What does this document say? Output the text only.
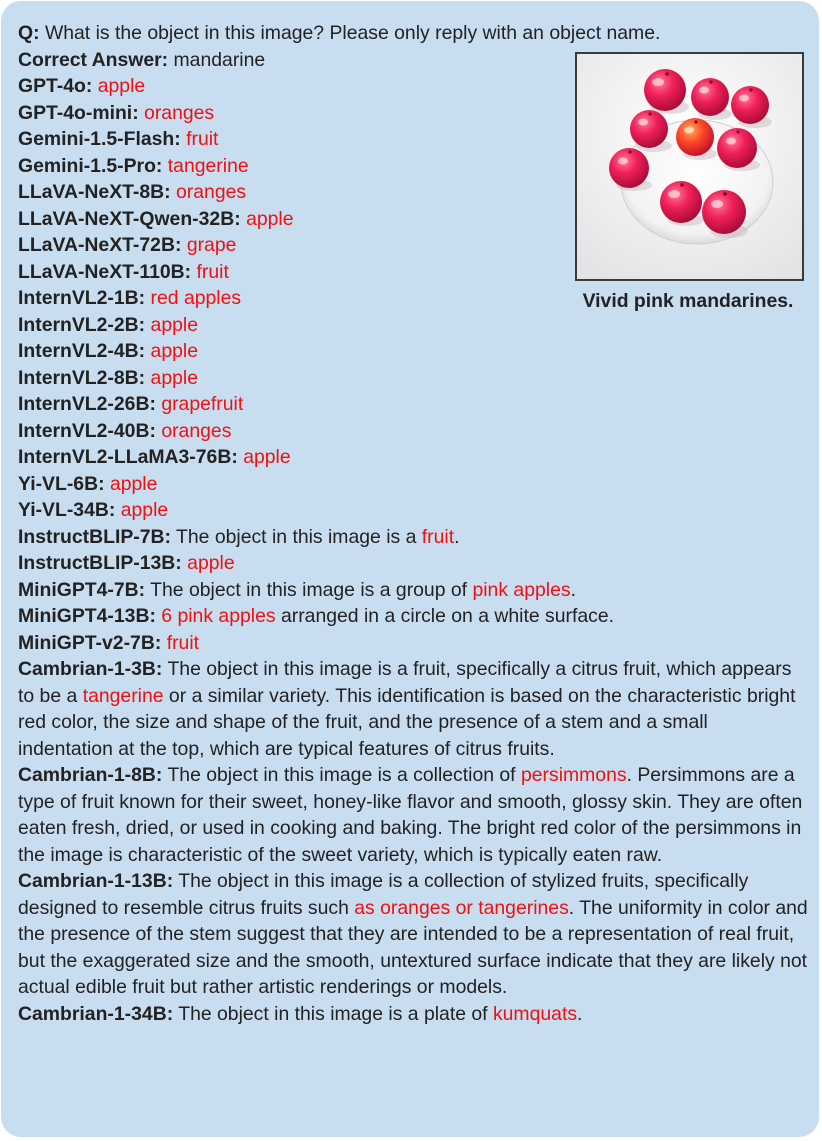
Q: What is the object in this image? Please only reply with an object name.
Correct Answer: mandarine
GPT-4o: apple
GPT-4o-mini: oranges
Gemini-1.5-Flash: fruit
Gemini-1.5-Pro: tangerine
LLaVA-NeXT-8B: oranges
LLaVA-NeXT-Qwen-32B: apple
LLaVA-NeXT-72B: grape
LLaVA-NeXT-110B: fruit
InternVL2-1B: red apples
InternVL2-2B: apple
InternVL2-4B: apple
InternVL2-8B: apple
InternVL2-26B: grapefruit
InternVL2-40B: oranges
InternVL2-LLaMA3-76B: apple
Yi-VL-6B: apple
Yi-VL-34B: apple
InstructBLIP-7B: The object in this image is a fruit.
InstructBLIP-13B: apple
MiniGPT4-7B: The object in this image is a group of pink apples.
MiniGPT4-13B: 6 pink apples arranged in a circle on a white surface.
MiniGPT-v2-7B: fruit
Cambrian-1-3B: The object in this image is a fruit, specifically a citrus fruit, which appears to be a tangerine or a similar variety. This identification is based on the characteristic bright red color, the size and shape of the fruit, and the presence of a stem and a small indentation at the top, which are typical features of citrus fruits.
Cambrian-1-8B: The object in this image is a collection of persimmons. Persimmons are a type of fruit known for their sweet, honey-like flavor and smooth, glossy skin. They are often eaten fresh, dried, or used in cooking and baking. The bright red color of the persimmons in the image is characteristic of the sweet variety, which is typically eaten raw.
Cambrian-1-13B: The object in this image is a collection of stylized fruits, specifically designed to resemble citrus fruits such as oranges or tangerines. The uniformity in color and the presence of the stem suggest that they are intended to be a representation of real fruit, but the exaggerated size and the smooth, untextured surface indicate that they are likely not actual edible fruit but rather artistic renderings or models.
Cambrian-1-34B: The object in this image is a plate of kumquats.
Vivid pink mandarines.
